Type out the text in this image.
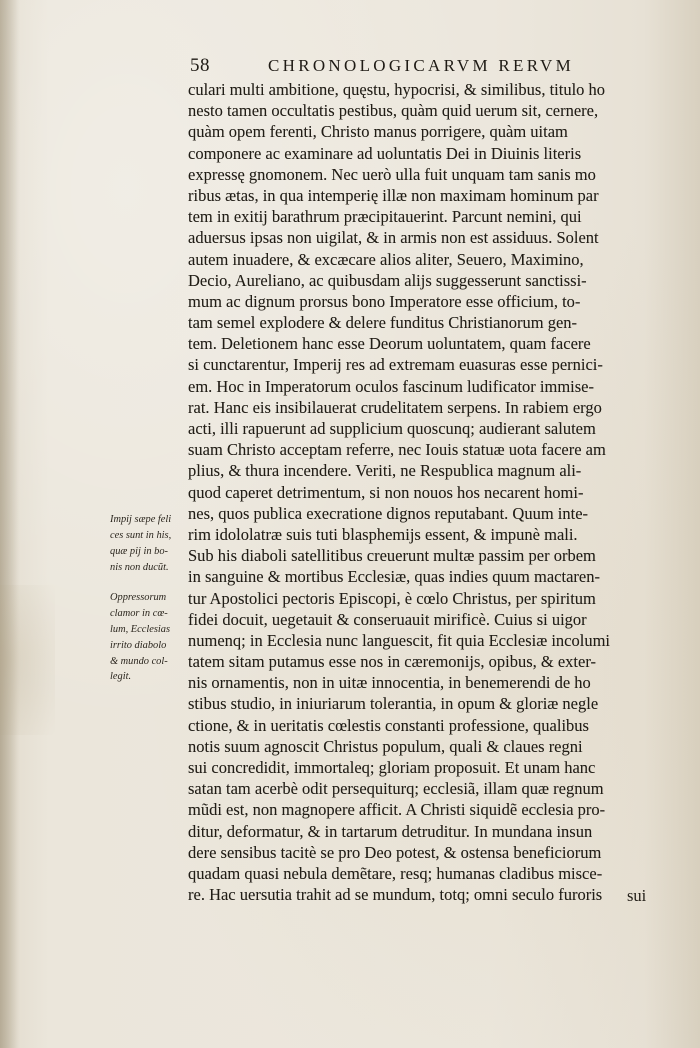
58	CHRONOLOGICARVM RERVM
culari multi ambitione, quęstu, hypocrisi, & similibus, titulo ho
nesto tamen occultatis pestibus, quàm quid uerum sit, cernere,
quàm opem ferenti, Christo manus porrigere, quàm uitam
componere ac examinare ad uoluntatis Dei in Diuinis literis
expressę gnomonem. Nec uerò ulla fuit unquam tam sanis mo
ribus ætas, in qua intemperię illæ non maximam hominum par
tem in exitij barathrum præcipitauerint. Parcunt nemini, qui
aduersus ipsas non uigilat, & in armis non est assiduus. Solent
autem inuadere, & excæcare alios aliter, Seuero, Maximino,
Decio, Aureliano, ac quibusdam alijs suggesserunt sanctissi-
mum ac dignum prorsus bono Imperatore esse officium, to-
tam semel explodere & delere funditus Christianorum gen-
tem. Deletionem hanc esse Deorum uoluntatem, quam facere
si cunctarentur, Imperij res ad extremam euasuras esse pernici-
em. Hoc in Imperatorum oculos fascinum ludificator immise-
rat. Hanc eis insibilauerat crudelitatem serpens. In rabiem ergo
acti, illi rapuerunt ad supplicium quoscunq; audierant salutem
suam Christo acceptam referre, nec Iouis statuæ uota facere am
plius, & thura incendere. Veriti, ne Respublica magnum ali-
quod caperet detrimentum, si non nouos hos necarent homi-
nes, quos publica execratione dignos reputabant. Quum inte-
rim idololatræ suis tuti blasphemijs essent, & impunè mali.
Sub his diaboli satellitibus creuerunt multæ passim per orbem
in sanguine & mortibus Ecclesiæ, quas indies quum mactaren-
tur Apostolici pectoris Episcopi, è cœlo Christus, per spiritum
fidei docuit, uegetauit & conseruauit mirificè. Cuius si uigor
numenq; in Ecclesia nunc languescit, fit quia Ecclesiæ incolumi
tatem sitam putamus esse nos in cæremonijs, opibus, & exter-
nis ornamentis, non in uitæ innocentia, in benemerendi de ho
stibus studio, in iniuriarum tolerantia, in opum & gloriæ negle
ctione, & in ueritatis cœlestis constanti professione, qualibus
notis suum agnoscit Christus populum, quali & claues regni
sui concredidit, immortaleq; gloriam proposuit. Et unam hanc
satan tam acerbè odit persequiturq; ecclesiã, illam quæ regnum
mũdi est, non magnopere afficit. A Christi siquidẽ ecclesia pro-
ditur, deformatur, & in tartarum detruditur. In mundana insun
dere sensibus tacitè se pro Deo potest, & ostensa beneficiorum
quadam quasi nebula demẽtare, resq; humanas cladibus misce-
re. Hac uersutia trahit ad se mundum, totq; omni seculo furoris	sui
Impij sæpe feli
ces sunt in his,
quæ pij in bo-
nis non ducũt.
Oppressorum
clamor in cœ-
lum, Ecclesias
irrito diabolo
& mundo col-
legit.
